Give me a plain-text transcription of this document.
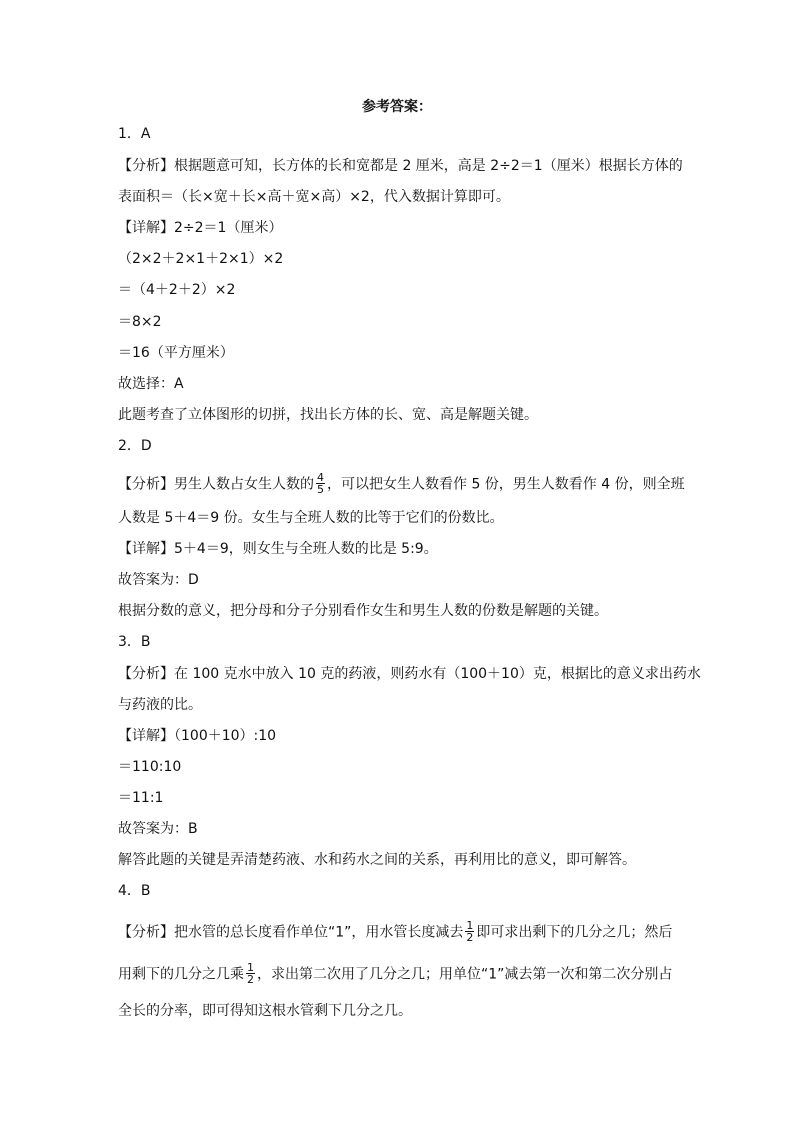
参考答案：
1．A
【分析】根据题意可知，长方体的长和宽都是 2 厘米，高是 2÷2＝1（厘米）根据长方体的
表面积＝（长×宽＋长×高＋宽×高）×2，代入数据计算即可。
【详解】2÷2＝1（厘米）
（2×2＋2×1＋2×1）×2
＝（4＋2＋2）×2
＝8×2
＝16（平方厘米）
故选择：A
此题考查了立体图形的切拼，找出长方体的长、宽、高是解题关键。
2．D
【分析】男生人数占女生人数的 $\frac{4}{5}$ ，可以把女生人数看作 5 份，男生人数看作 4 份，则全班
人数是 5＋4＝9 份。女生与全班人数的比等于它们的份数比。
【详解】5＋4＝9，则女生与全班人数的比是 5:9。
故答案为：D
根据分数的意义，把分母和分子分别看作女生和男生人数的份数是解题的关键。
3．B
【分析】在 100 克水中放入 10 克的药液，则药水有（100＋10）克，根据比的意义求出药水
与药液的比。
【详解】（100＋10）:10
＝110:10
＝11:1
故答案为：B
解答此题的关键是弄清楚药液、水和药水之间的关系，再利用比的意义，即可解答。
4．B
【分析】把水管的总长度看作单位“1”，用水管长度减去 $\frac{1}{2}$ 即可求出剩下的几分之几；然后
用剩下的几分之几乘 $\frac{1}{2}$ ，求出第二次用了几分之几；用单位“1”减去第一次和第二次分别占
全长的分率，即可得知这根水管剩下几分之几。
